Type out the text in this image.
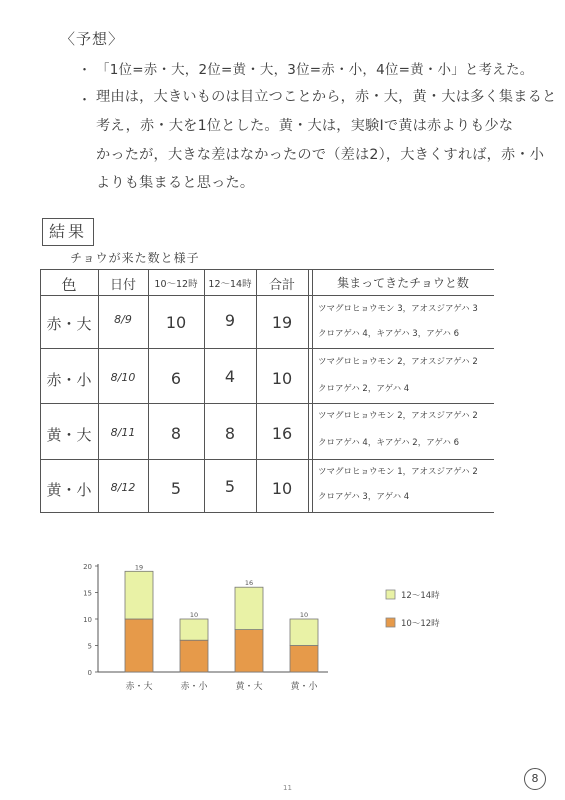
〈予想〉
・ 「1位=赤・大，2位=黄・大，3位=赤・小，4位=黄・小」と考えた。
・ 理由は，大きいものは目立つことから，赤・大，黄・大は多く集まると
考え，赤・大を1位とした。黄・大は，実験Ⅰで黄は赤よりも少な
かったが，大きな差はなかったので（差は2），大きくすれば，赤・小
よりも集まると思った。
結果
チョウが来た数と様子
色	日付	10～12時	12～14時	合計	集まってきたチョウと数
赤・大	8/9	10	9	19
ツマグロヒョウモン 3，アオスジアゲハ 3
クロアゲハ 4，キアゲハ 3，アゲハ 6
赤・小	8/10	6	4	10
ツマグロヒョウモン 2，アオスジアゲハ 2
クロアゲハ 2，アゲハ 4
黄・大	8/11	8	8	16
ツマグロヒョウモン 2，アオスジアゲハ 2
クロアゲハ 4，キアゲハ 2，アゲハ 6
黄・小	8/12	5	5	10
ツマグロヒョウモン 1，アオスジアゲハ 2
クロアゲハ 3，アゲハ 4
0
5
10
15
20	19
赤・大
10
赤・小
16
黄・大
10
黄・小
12～14時
10～12時
8
11
